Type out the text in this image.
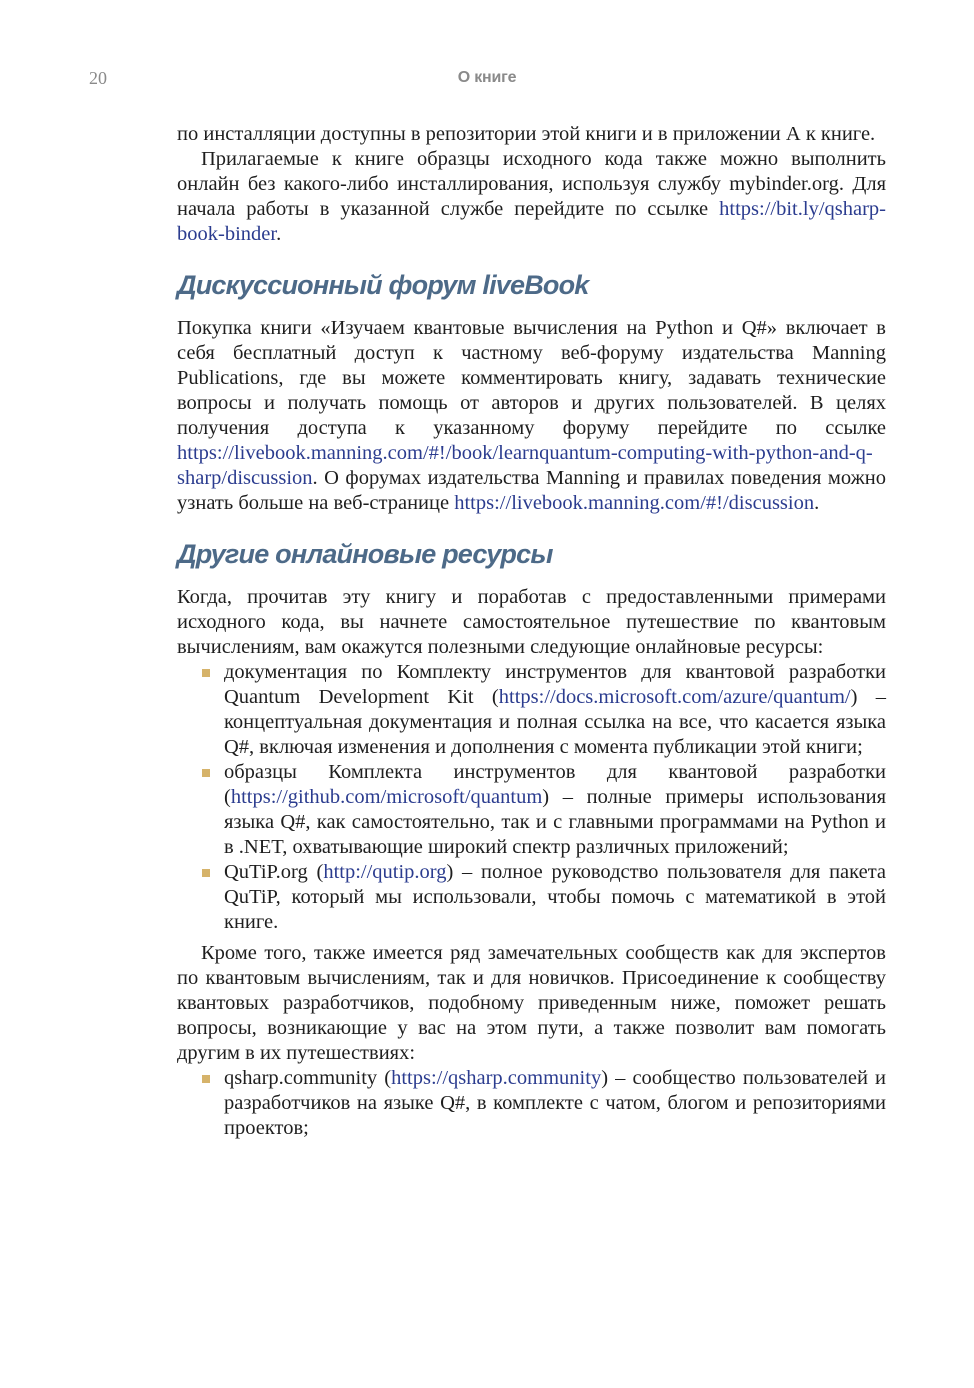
20	О книге

по инсталляции доступны в репозитории этой книги и в приложении А к книге.

Прилагаемые к книге образцы исходного кода также можно выполнить онлайн без какого-либо инсталлирования, используя службу mybinder.org. Для начала работы в указанной службе перейдите по ссылке https://bit.ly/qsharp-book-binder.

Дискуссионный форум liveBook

Покупка книги «Изучаем квантовые вычисления на Python и Q#» включает в себя бесплатный доступ к частному веб-форуму издательства Manning Publications, где вы можете комментировать книгу, задавать технические вопросы и получать помощь от авторов и других пользователей. В целях получения доступа к указанному форуму перейдите по ссылке https://livebook.manning.com/#!/book/learnquantum-computing-with-python-and-q-sharp/discussion. О форумах издательства Manning и правилах поведения можно узнать больше на веб-странице https://livebook.manning.com/#!/discussion.

Другие онлайновые ресурсы

Когда, прочитав эту книгу и поработав с предоставленными примерами исходного кода, вы начнете самостоятельное путешествие по квантовым вычислениям, вам окажутся полезными следующие онлайновые ресурсы:

документация по Комплекту инструментов для квантовой разработки Quantum Development Kit (https://docs.microsoft.com/azure/quantum/) – концептуальная документация и полная ссылка на все, что касается языка Q#, включая изменения и дополнения с момента публикации этой книги;
образцы Комплекта инструментов для квантовой разработки (https://github.com/microsoft/quantum) – полные примеры использования языка Q#, как самостоятельно, так и с главными программами на Python и в .NET, охватывающие широкий спектр различных приложений;
QuTiP.org (http://qutip.org) – полное руководство пользователя для пакета QuTiP, который мы использовали, чтобы помочь с математикой в этой книге.

Кроме того, также имеется ряд замечательных сообществ как для экспертов по квантовым вычислениям, так и для новичков. Присоединение к сообществу квантовых разработчиков, подобному приведенным ниже, поможет решать вопросы, возникающие у вас на этом пути, а также позволит вам помогать другим в их путешествиях:

qsharp.community (https://qsharp.community) – сообщество пользователей и разработчиков на языке Q#, в комплекте с чатом, блогом и репозиториями проектов;
